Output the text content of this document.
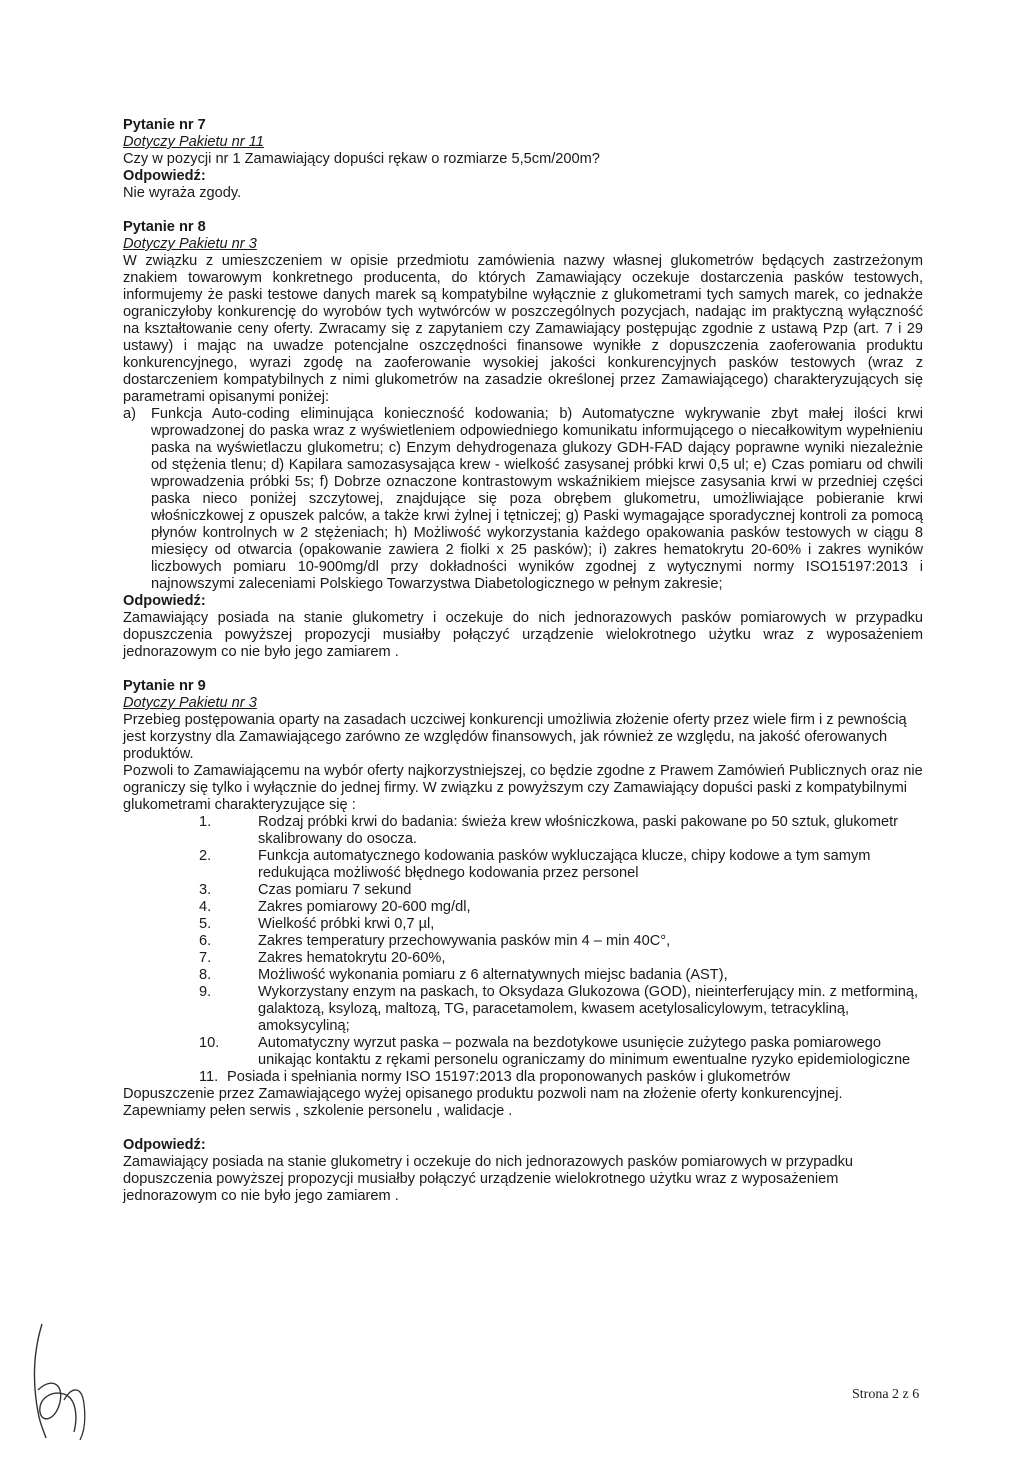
Pytanie nr 7
Dotyczy Pakietu nr 11
Czy w pozycji nr 1 Zamawiający dopuści rękaw o rozmiarze 5,5cm/200m?
Odpowiedź:
Nie wyraża zgody.
Pytanie nr 8
Dotyczy Pakietu nr 3
W związku z umieszczeniem w opisie przedmiotu zamówienia nazwy własnej glukometrów będących zastrzeżonym znakiem towarowym konkretnego producenta, do których Zamawiający oczekuje dostarczenia pasków testowych, informujemy że paski testowe danych marek są kompatybilne wyłącznie z glukometrami tych samych marek, co jednakże ograniczyłoby konkurencję do wyrobów tych wytwórców w poszczególnych pozycjach, nadając im praktyczną wyłączność na kształtowanie ceny oferty. Zwracamy się z zapytaniem czy Zamawiający postępując zgodnie z ustawą Pzp (art. 7 i 29 ustawy) i mając na uwadze potencjalne oszczędności finansowe wynikłe z dopuszczenia zaoferowania produktu konkurencyjnego, wyrazi zgodę na zaoferowanie wysokiej jakości konkurencyjnych pasków testowych (wraz z dostarczeniem kompatybilnych z nimi glukometrów na zasadzie określonej przez Zamawiającego) charakteryzujących się parametrami opisanymi poniżej:
a)	Funkcja Auto-coding eliminująca konieczność kodowania; b) Automatyczne wykrywanie zbyt małej ilości krwi wprowadzonej do paska wraz z wyświetleniem odpowiedniego komunikatu informującego o niecałkowitym wypełnieniu paska na wyświetlaczu glukometru; c) Enzym dehydrogenaza glukozy GDH-FAD dający poprawne wyniki niezależnie od stężenia tlenu; d) Kapilara samozasysająca krew - wielkość zasysanej próbki krwi 0,5 ul; e) Czas pomiaru od chwili wprowadzenia próbki 5s; f) Dobrze oznaczone kontrastowym wskaźnikiem miejsce zasysania krwi w przedniej części paska nieco poniżej szczytowej, znajdujące się poza obrębem glukometru, umożliwiające pobieranie krwi włośniczkowej z opuszek palców, a także krwi żylnej i tętniczej; g) Paski wymagające sporadycznej kontroli za pomocą płynów kontrolnych w 2 stężeniach; h) Możliwość wykorzystania każdego opakowania pasków testowych w ciągu 8 miesięcy od otwarcia (opakowanie zawiera 2 fiolki x 25 pasków); i) zakres hematokrytu 20-60% i zakres wyników liczbowych pomiaru 10-900mg/dl przy dokładności wyników zgodnej z wytycznymi normy ISO15197:2013 i najnowszymi zaleceniami Polskiego Towarzystwa Diabetologicznego w pełnym zakresie;
Odpowiedź:
Zamawiający posiada na stanie glukometry i oczekuje do nich jednorazowych pasków pomiarowych w przypadku dopuszczenia powyższej propozycji musiałby połączyć urządzenie wielokrotnego użytku wraz z wyposażeniem jednorazowym co nie było jego zamiarem .
Pytanie nr 9
Dotyczy Pakietu nr 3
Przebieg postępowania oparty na zasadach uczciwej konkurencji umożliwia złożenie oferty przez wiele firm i z pewnością jest korzystny dla Zamawiającego zarówno ze względów finansowych, jak również ze względu, na jakość oferowanych produktów.
Pozwoli to Zamawiającemu na wybór oferty najkorzystniejszej, co będzie zgodne z Prawem Zamówień Publicznych oraz nie ograniczy się tylko i wyłącznie do jednej firmy. W związku z powyższym czy Zamawiający dopuści paski z kompatybilnymi glukometrami charakteryzujące się :
1.	Rodzaj próbki krwi do badania: świeża krew włośniczkowa, paski pakowane po 50 sztuk, glukometr skalibrowany do osocza.
2.	Funkcja automatycznego kodowania pasków wykluczająca klucze, chipy kodowe a tym samym redukująca możliwość błędnego kodowania przez personel
3.	Czas pomiaru 7 sekund
4.	Zakres pomiarowy 20-600 mg/dl,
5.	Wielkość próbki krwi 0,7 µl,
6.	Zakres temperatury przechowywania pasków min 4 – min 40C°,
7.	Zakres hematokrytu 20-60%,
8.	Możliwość wykonania pomiaru z 6 alternatywnych miejsc badania (AST),
9.	Wykorzystany enzym na paskach, to Oksydaza Glukozowa (GOD), nieinterferujący min. z metforminą, galaktozą, ksylozą, maltozą, TG, paracetamolem, kwasem acetylosalicylowym, tetracykliną, amoksycyliną;
10.	Automatyczny wyrzut paska – pozwala na bezdotykowe usunięcie zużytego paska pomiarowego unikając kontaktu z rękami personelu ograniczamy do minimum ewentualne ryzyko epidemiologiczne
11. Posiada i spełniania normy ISO 15197:2013 dla proponowanych pasków i glukometrów
Dopuszczenie przez Zamawiającego wyżej opisanego produktu pozwoli nam na złożenie oferty konkurencyjnej. Zapewniamy pełen serwis , szkolenie personelu , walidacje .
Odpowiedź:
Zamawiający posiada na stanie glukometry i oczekuje do nich jednorazowych pasków pomiarowych w przypadku dopuszczenia powyższej propozycji musiałby połączyć urządzenie wielokrotnego użytku wraz z wyposażeniem jednorazowym co nie było jego zamiarem .
Strona 2 z 6
